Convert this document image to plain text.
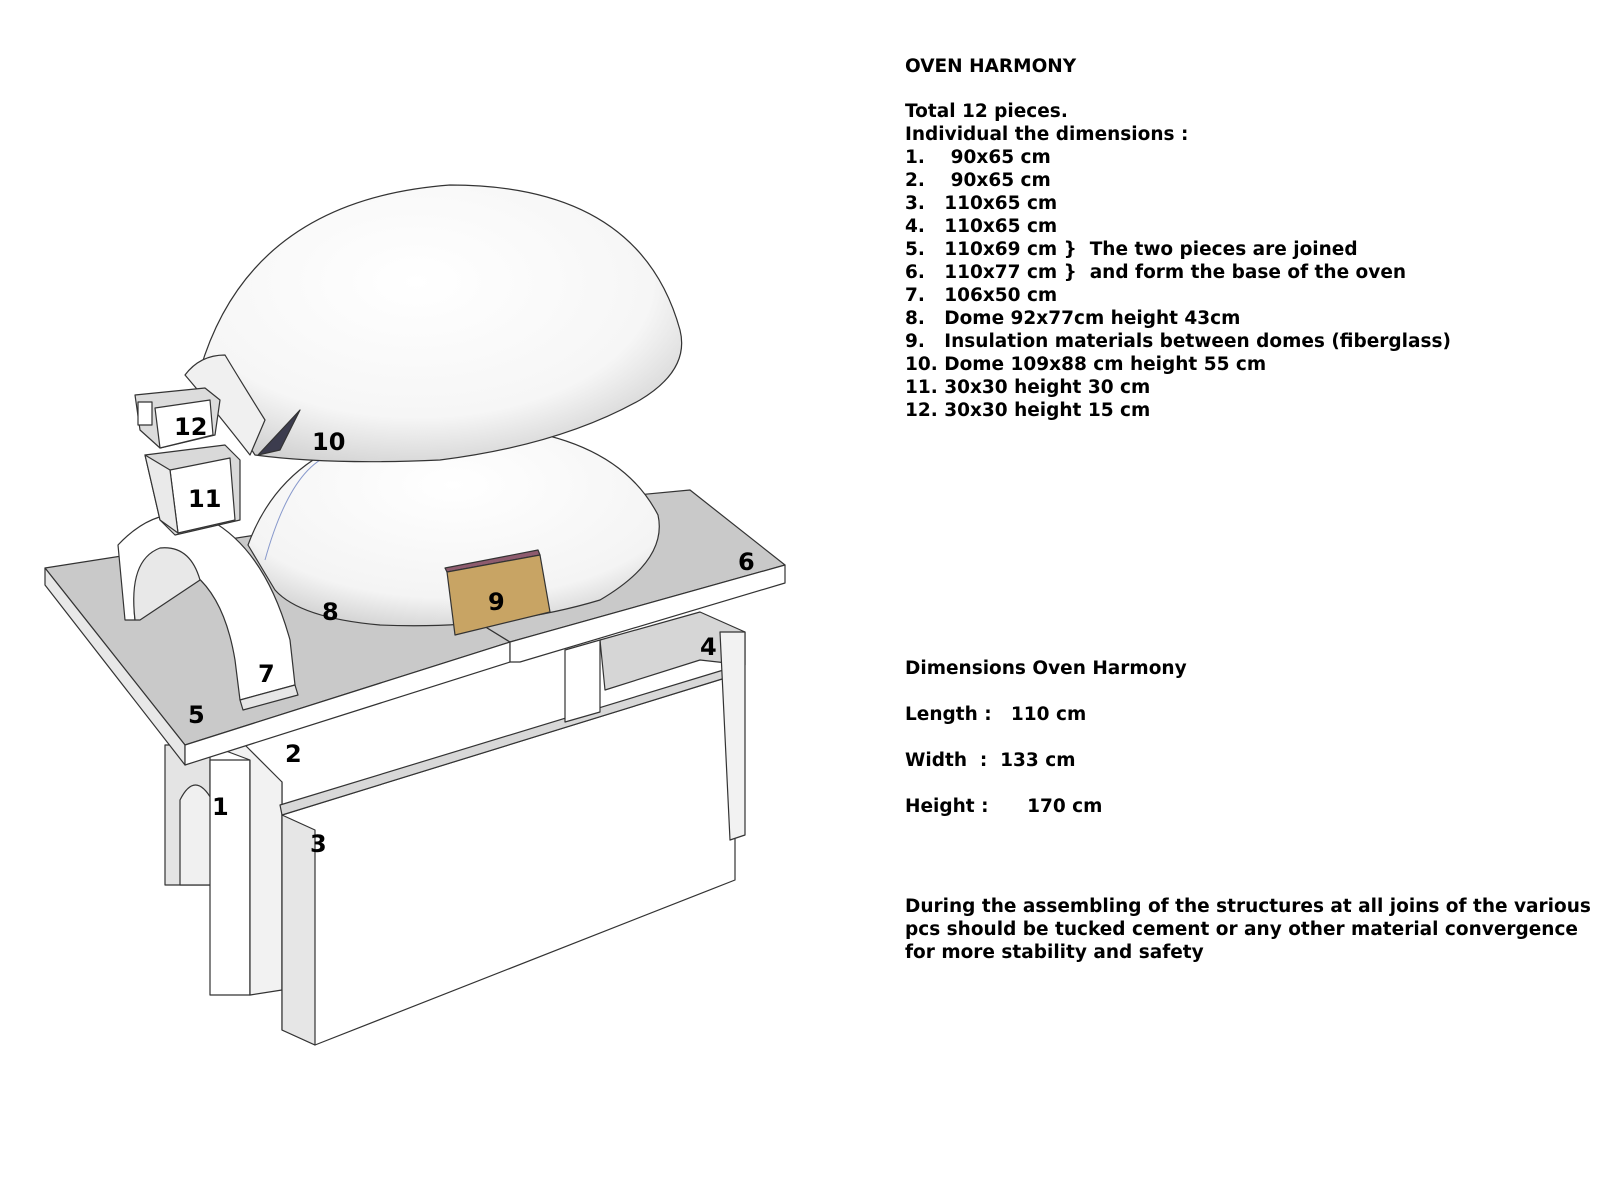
1
2
3
4
5
6
7
8	9
10
11
12
OVEN HARMONY
Total 12 pieces.
Individual the dimensions :
1.    90x65 cm
2.    90x65 cm
3.   110x65 cm
4.   110x65 cm
5.   110x69 cm }  The two pieces are joined
6.   110x77 cm }  and form the base of the oven
7.   106x50 cm
8.   Dome 92x77cm height 43cm
9.   Insulation materials between domes (fiberglass)
10. Dome 109x88 cm height 55 cm
11. 30x30 height 30 cm
12. 30x30 height 15 cm
Dimensions Oven Harmony
Length :   110 cm
Width  :  133 cm
Height :      170 cm
During the assembling of the structures at all joins of the various pcs should be tucked cement or any other material convergence for more stability and safety
